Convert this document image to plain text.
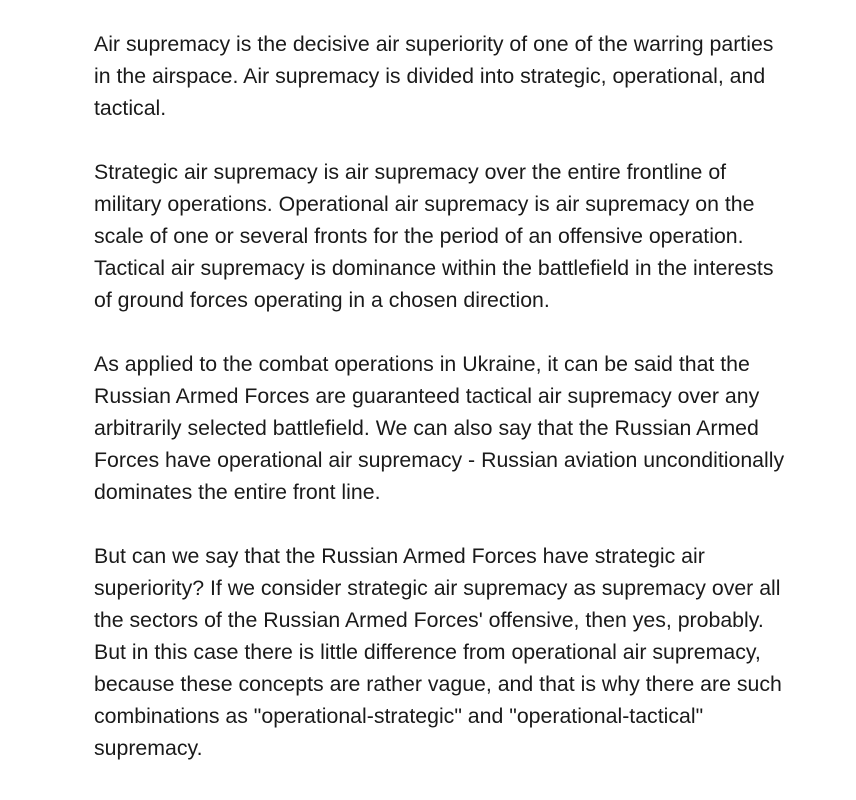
Air supremacy is the decisive air superiority of one of the warring parties in the airspace. Air supremacy is divided into strategic, operational, and tactical.

Strategic air supremacy is air supremacy over the entire frontline of military operations. Operational air supremacy is air supremacy on the scale of one or several fronts for the period of an offensive operation. Tactical air supremacy is dominance within the battlefield in the interests of ground forces operating in a chosen direction.

As applied to the combat operations in Ukraine, it can be said that the Russian Armed Forces are guaranteed tactical air supremacy over any arbitrarily selected battlefield. We can also say that the Russian Armed Forces have operational air supremacy - Russian aviation unconditionally dominates the entire front line.

But can we say that the Russian Armed Forces have strategic air superiority? If we consider strategic air supremacy as supremacy over all the sectors of the Russian Armed Forces' offensive, then yes, probably. But in this case there is little difference from operational air supremacy, because these concepts are rather vague, and that is why there are such combinations as "operational-strategic" and "operational-tactical" supremacy.
